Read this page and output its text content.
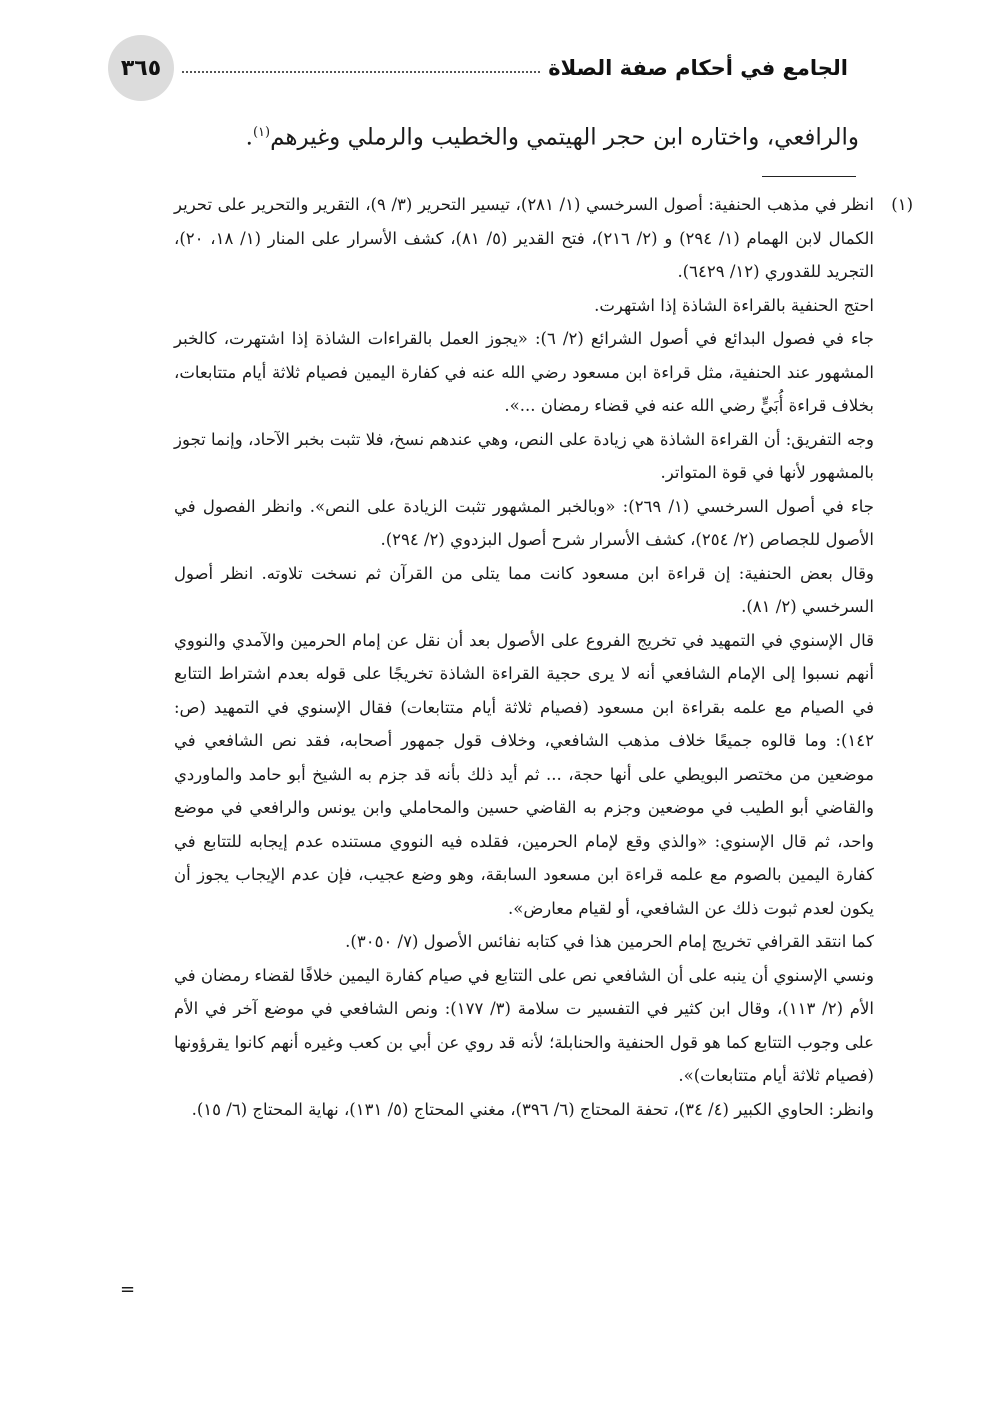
الجامع في أحكام صفة الصلاة
٣٦٥
والرافعي، واختاره ابن حجر الهيتمي والخطيب والرملي وغيرهم$^{(١)}$.
(١)

انظر في مذهب الحنفية: أصول السرخسي (١/ ٢٨١)، تيسير التحرير (٣/ ٩)، التقرير والتحرير على تحرير الكمال لابن الهمام (١/ ٢٩٤) و (٢/ ٢١٦)، فتح القدير (٥/ ٨١)، كشف الأسرار على المنار (١/ ١٨، ٢٠)، التجريد للقدوري (١٢/ ٦٤٢٩).

احتج الحنفية بالقراءة الشاذة إذا اشتهرت.

جاء في فصول البدائع في أصول الشرائع (٢/ ٦): «يجوز العمل بالقراءات الشاذة إذا اشتهرت، كالخبر المشهور عند الحنفية، مثل قراءة ابن مسعود رضي الله عنه في كفارة اليمين فصيام ثلاثة أيام متتابعات، بخلاف قراءة أُبَيٍّ رضي الله عنه في قضاء رمضان ...».

وجه التفريق: أن القراءة الشاذة هي زيادة على النص، وهي عندهم نسخ، فلا تثبت بخبر الآحاد، وإنما تجوز بالمشهور لأنها في قوة المتواتر.

جاء في أصول السرخسي (١/ ٢٦٩): «وبالخبر المشهور تثبت الزيادة على النص». وانظر الفصول في الأصول للجصاص (٢/ ٢٥٤)، كشف الأسرار شرح أصول البزدوي (٢/ ٢٩٤).

وقال بعض الحنفية: إن قراءة ابن مسعود كانت مما يتلى من القرآن ثم نسخت تلاوته. انظر أصول السرخسي (٢/ ٨١).

قال الإسنوي في التمهيد في تخريج الفروع على الأصول بعد أن نقل عن إمام الحرمين والآمدي والنووي أنهم نسبوا إلى الإمام الشافعي أنه لا يرى حجية القراءة الشاذة تخريجًا على قوله بعدم اشتراط التتابع في الصيام مع علمه بقراءة ابن مسعود (فصيام ثلاثة أيام متتابعات) فقال الإسنوي في التمهيد (ص: ١٤٢): وما قالوه جميعًا خلاف مذهب الشافعي، وخلاف قول جمهور أصحابه، فقد نص الشافعي في موضعين من مختصر البويطي على أنها حجة، ... ثم أيد ذلك بأنه قد جزم به الشيخ أبو حامد والماوردي والقاضي أبو الطيب في موضعين وجزم به القاضي حسين والمحاملي وابن يونس والرافعي في موضع واحد، ثم قال الإسنوي: «والذي وقع لإمام الحرمين، فقلده فيه النووي مستنده عدم إيجابه للتتابع في كفارة اليمين بالصوم مع علمه قراءة ابن مسعود السابقة، وهو وضع عجيب، فإن عدم الإيجاب يجوز أن يكون لعدم ثبوت ذلك عن الشافعي، أو لقيام معارض».

كما انتقد القرافي تخريج إمام الحرمين هذا في كتابه نفائس الأصول (٧/ ٣٠٥٠).

ونسي الإسنوي أن ينبه على أن الشافعي نص على التتابع في صيام كفارة اليمين خلافًا لقضاء رمضان في الأم (٢/ ١١٣)، وقال ابن كثير في التفسير ت سلامة (٣/ ١٧٧): ونص الشافعي في موضع آخر في الأم على وجوب التتابع كما هو قول الحنفية والحنابلة؛ لأنه قد روي عن أبي بن كعب وغيره أنهم كانوا يقرؤونها (فصيام ثلاثة أيام متتابعات)».

وانظر: الحاوي الكبير (٤/ ٣٤)، تحفة المحتاج (٦/ ٣٩٦)، مغني المحتاج (٥/ ١٣١)، نهاية المحتاج (٦/ ١٥).

=
